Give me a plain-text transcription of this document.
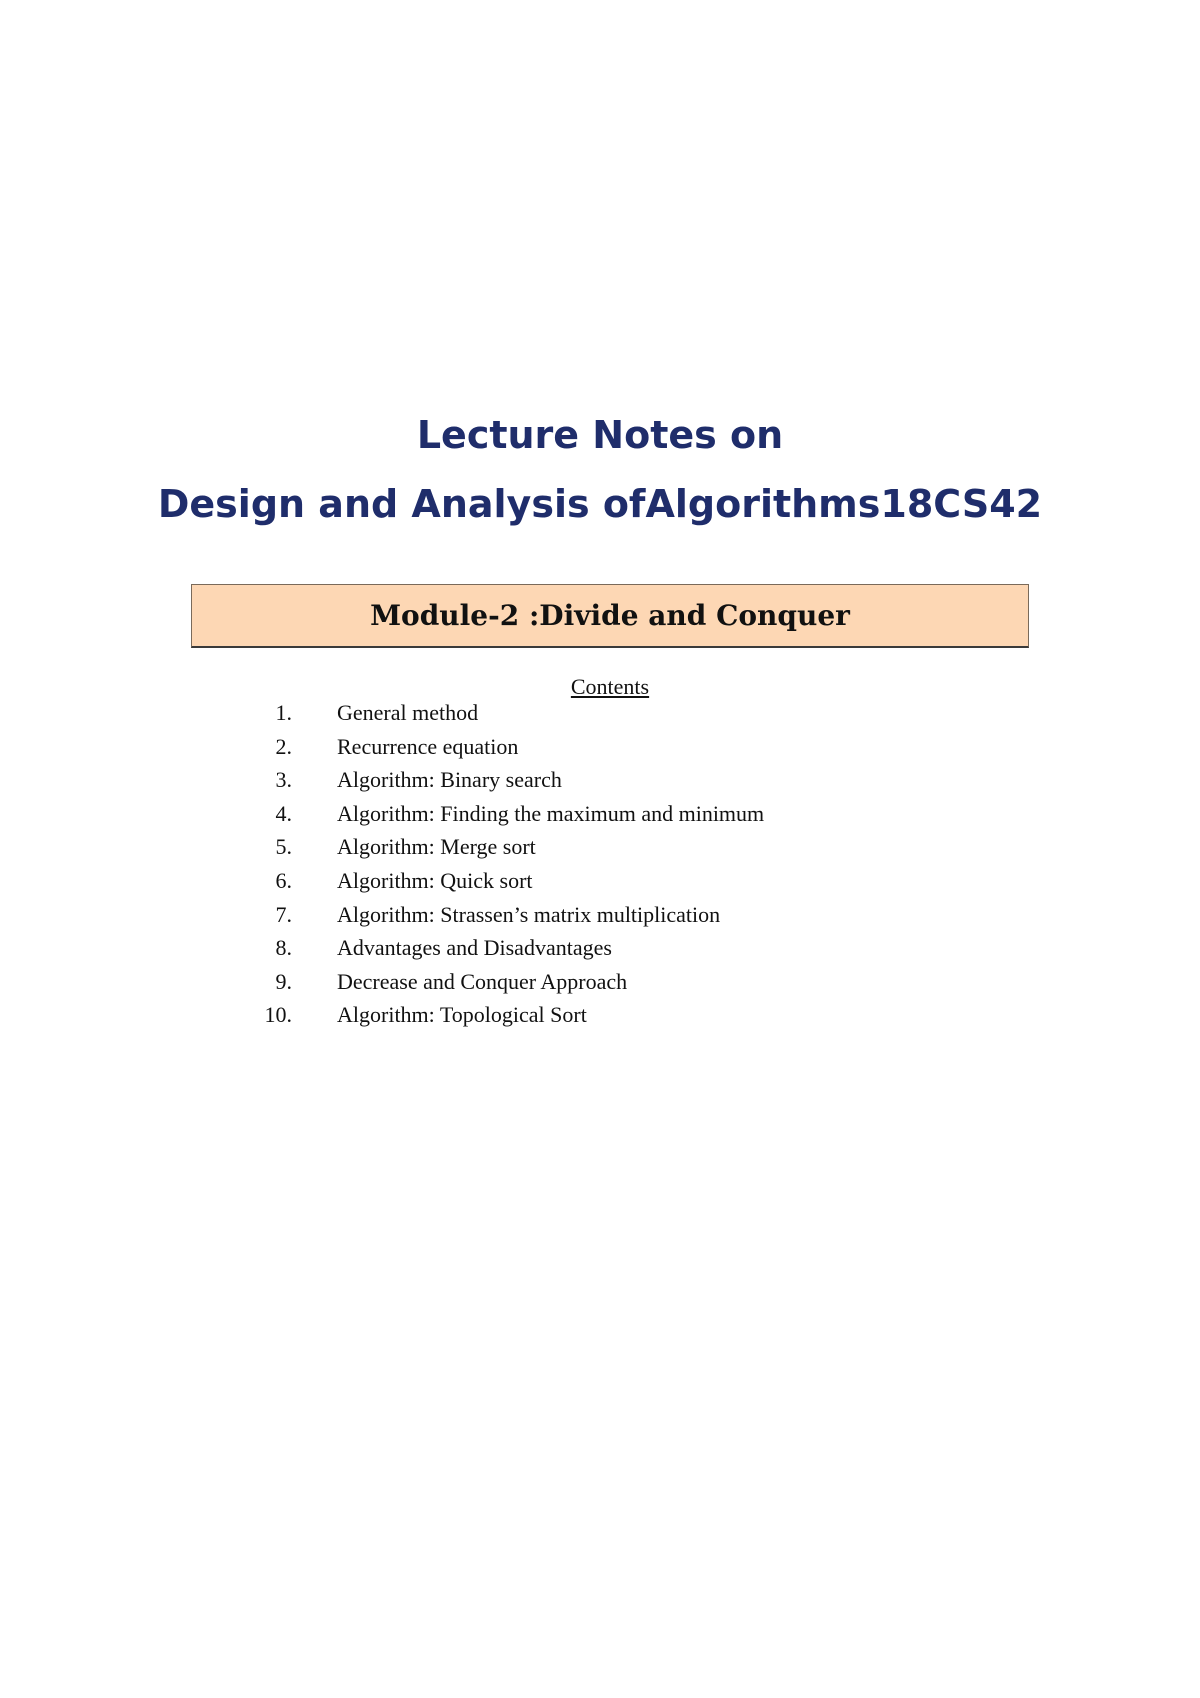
Lecture Notes on
Design and Analysis ofAlgorithms18CS42
Module-2 :Divide and Conquer
Contents
1.	General method
2.	Recurrence equation
3.	Algorithm: Binary search
4.	Algorithm: Finding the maximum and minimum
5.	Algorithm: Merge sort
6.	Algorithm: Quick sort
7.	Algorithm: Strassen’s matrix multiplication
8.	Advantages and Disadvantages
9.	Decrease and Conquer Approach
10.	Algorithm: Topological Sort
